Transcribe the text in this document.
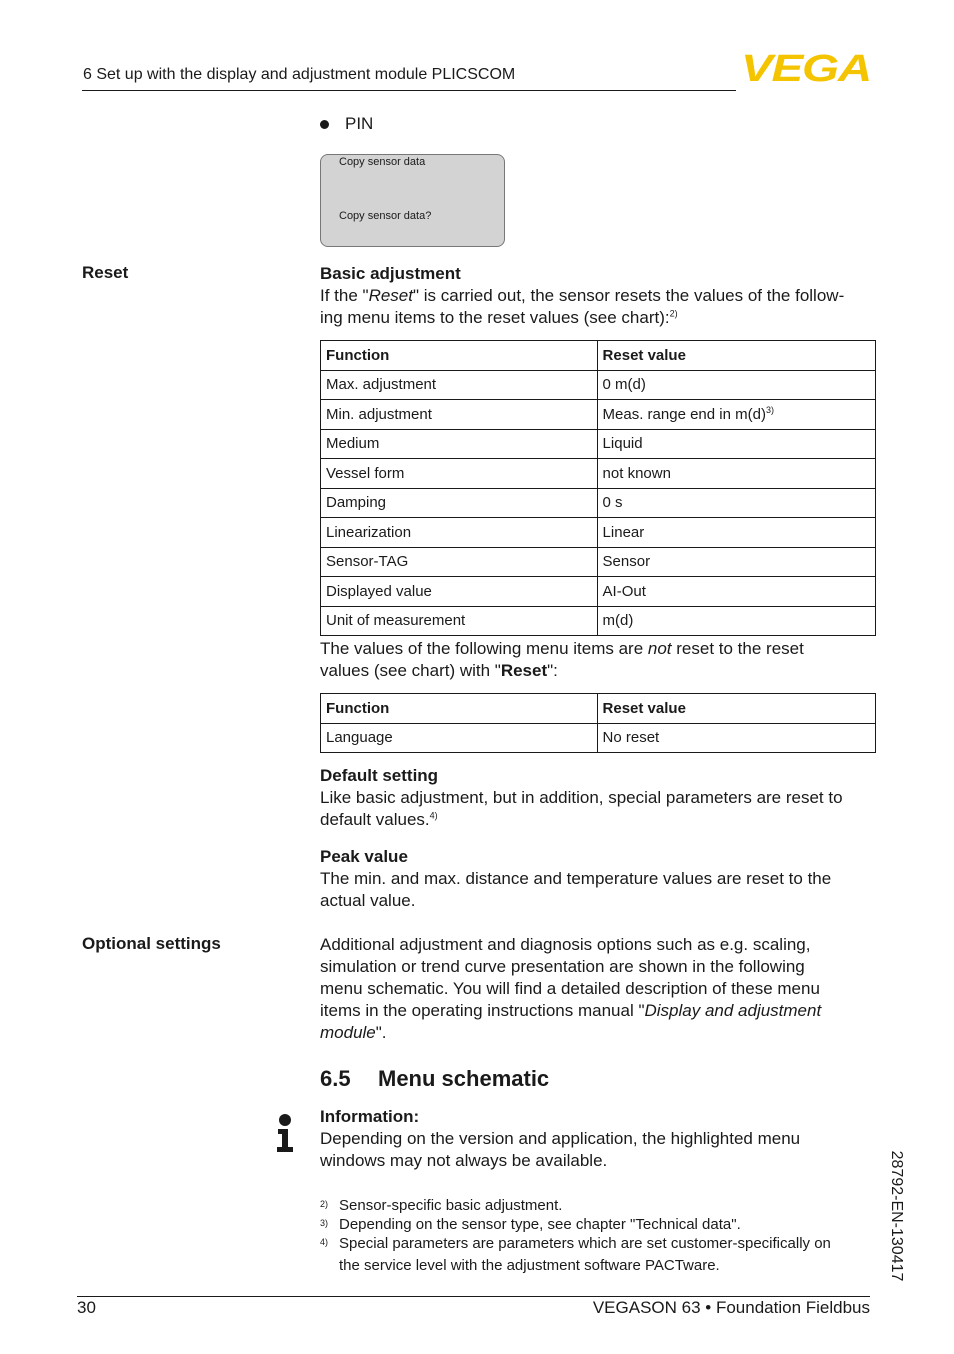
6 Set up with the display and adjustment module PLICSCOM	VEGA
PIN
Copy sensor data
Copy sensor data?
Reset	Basic adjustment
If the "Reset" is carried out, the sensor resets the values of the follow-
ing menu items to the reset values (see chart):$^{2)}$
Function	Reset value
Max. adjustment	0 m(d)
Min. adjustment	Meas. range end in $m(d)^{3)}$
Medium	Liquid
Vessel form	not known
Damping	0 s
Linearization	Linear
Sensor-TAG	Sensor
Displayed value	AI-Out
Unit of measurement	m(d)
The values of the following menu items are not reset to the reset
values (see chart) with "Reset":
Function	Reset value
Language	No reset
Default setting
Like basic adjustment, but in addition, special parameters are reset to
default values.$^{4)}$
Peak value
The min. and max. distance and temperature values are reset to the
actual value.
Optional settings	Additional adjustment and diagnosis options such as e.g. scaling,
simulation or trend curve presentation are shown in the following
menu schematic. You will find a detailed description of these menu
items in the operating instructions manual "Display and adjustment
module".
6.5 Menu schematic
Information:
Depending on the version and application, the highlighted menu
windows may not always be available.
2) Sensor-specific basic adjustment.
3) Depending on the sensor type, see chapter "Technical data".
4) Special parameters are parameters which are set customer-specifically on
the service level with the adjustment software PACTware.	28792-EN-130417
30	VEGASON 63 • Foundation Fieldbus
